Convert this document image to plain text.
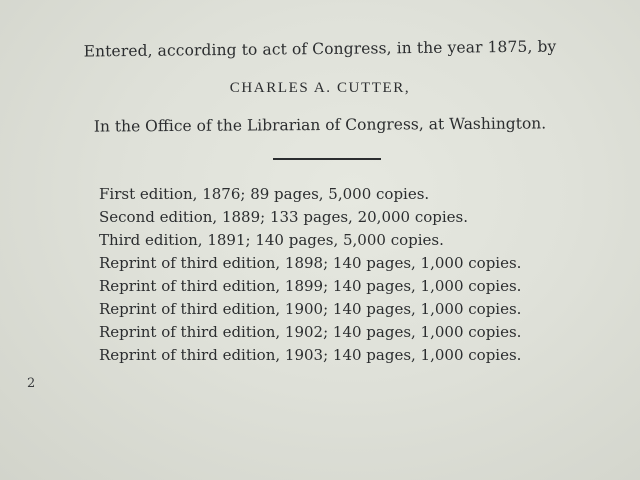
Entered, according to act of Congress, in the year 1875, by
CHARLES A. CUTTER,
In the Office of the Librarian of Congress, at Washington.
First edition, 1876; 89 pages, 5,000 copies.
Second edition, 1889; 133 pages, 20,000 copies.
Third edition, 1891; 140 pages, 5,000 copies.
Reprint of third edition, 1898; 140 pages, 1,000 copies.
Reprint of third edition, 1899; 140 pages, 1,000 copies.
Reprint of third edition, 1900; 140 pages, 1,000 copies.
Reprint of third edition, 1902; 140 pages, 1,000 copies.
Reprint of third edition, 1903; 140 pages, 1,000 copies.
2
